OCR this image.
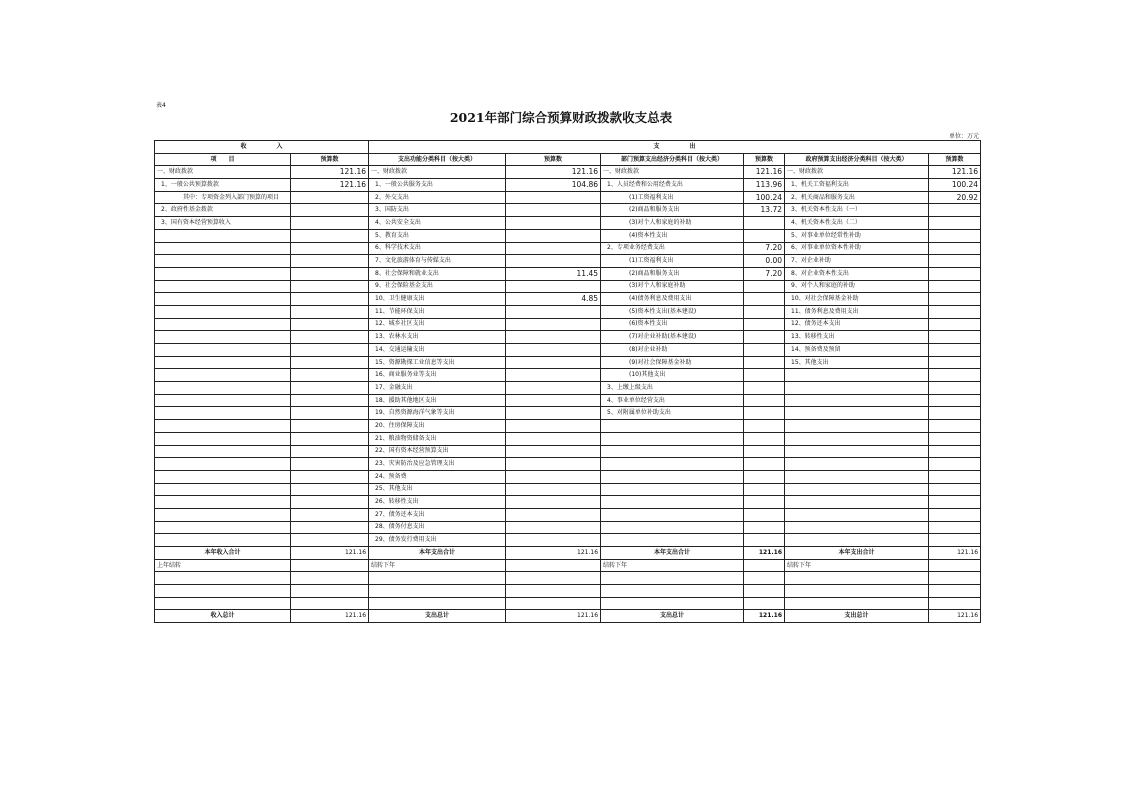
表4
2021年部门综合预算财政拨款收支总表
单位：万元
收　　　　　入		支　　　　　出					
项　　目	预算数	支出功能分类科目（按大类）	预算数	部门预算支出经济分类科目（按大类）	预算数	政府预算支出经济分类科目（按大类）	预算数
一、财政拨款	121.16	一、财政拨款	121.16	一、财政拨款	121.16	一、财政拨款	121.16
1、一般公共预算拨款	121.16	1、一般公共服务支出	104.86	1、人员经费和公用经费支出	113.96	1、机关工资福利支出	100.24
其中：专项资金列入部门预算的项目		2、外交支出		(1)工资福利支出	100.24	2、机关商品和服务支出	20.92
2、政府性基金拨款		3、国防支出		(2)商品和服务支出	13.72	3、机关资本性支出（一）	
3、国有资本经营预算收入		4、公共安全支出		(3)对个人和家庭的补助		4、机关资本性支出（二）	
		5、教育支出		(4)资本性支出		5、对事业单位经常性补助	
		6、科学技术支出		2、专项业务经费支出	7.20	6、对事业单位资本性补助	
		7、文化旅游体育与传媒支出		(1)工资福利支出	0.00	7、对企业补助	
		8、社会保障和就业支出	11.45	(2)商品和服务支出	7.20	8、对企业资本性支出	
		9、社会保险基金支出		(3)对个人和家庭补助		9、对个人和家庭的补助	
		10、卫生健康支出	4.85	(4)债务利息及费用支出		10、对社会保障基金补助	
		11、节能环保支出		(5)资本性支出(基本建设)		11、债务利息及费用支出	
		12、城乡社区支出		(6)资本性支出		12、债务还本支出	
		13、农林水支出		(7)对企业补助(基本建设)		13、转移性支出	
		14、交通运输支出		(8)对企业补助		14、预备费及预留	
		15、资源勘探工业信息等支出		(9)对社会保障基金补助		15、其他支出	
		16、商业服务业等支出		(10)其他支出			
		17、金融支出		3、上缴上级支出			
		18、援助其他地区支出		4、事业单位经营支出			
		19、自然资源海洋气象等支出		5、对附属单位补助支出			
		20、住房保障支出					
		21、粮油物资储备支出					
		22、国有资本经营预算支出					
		23、灾害防治及应急管理支出					
		24、预备费					
		25、其他支出					
		26、转移性支出					
		27、债务还本支出					
		28、债务付息支出					
		29、债务发行费用支出					
本年收入合计	121.16	本年支出合计	121.16	本年支出合计	121.16	本年支出合计	121.16
上年结转		结转下年		结转下年		结转下年	

收入总计	121.16	支出总计	121.16	支出总计	121.16	支出总计	121.16
